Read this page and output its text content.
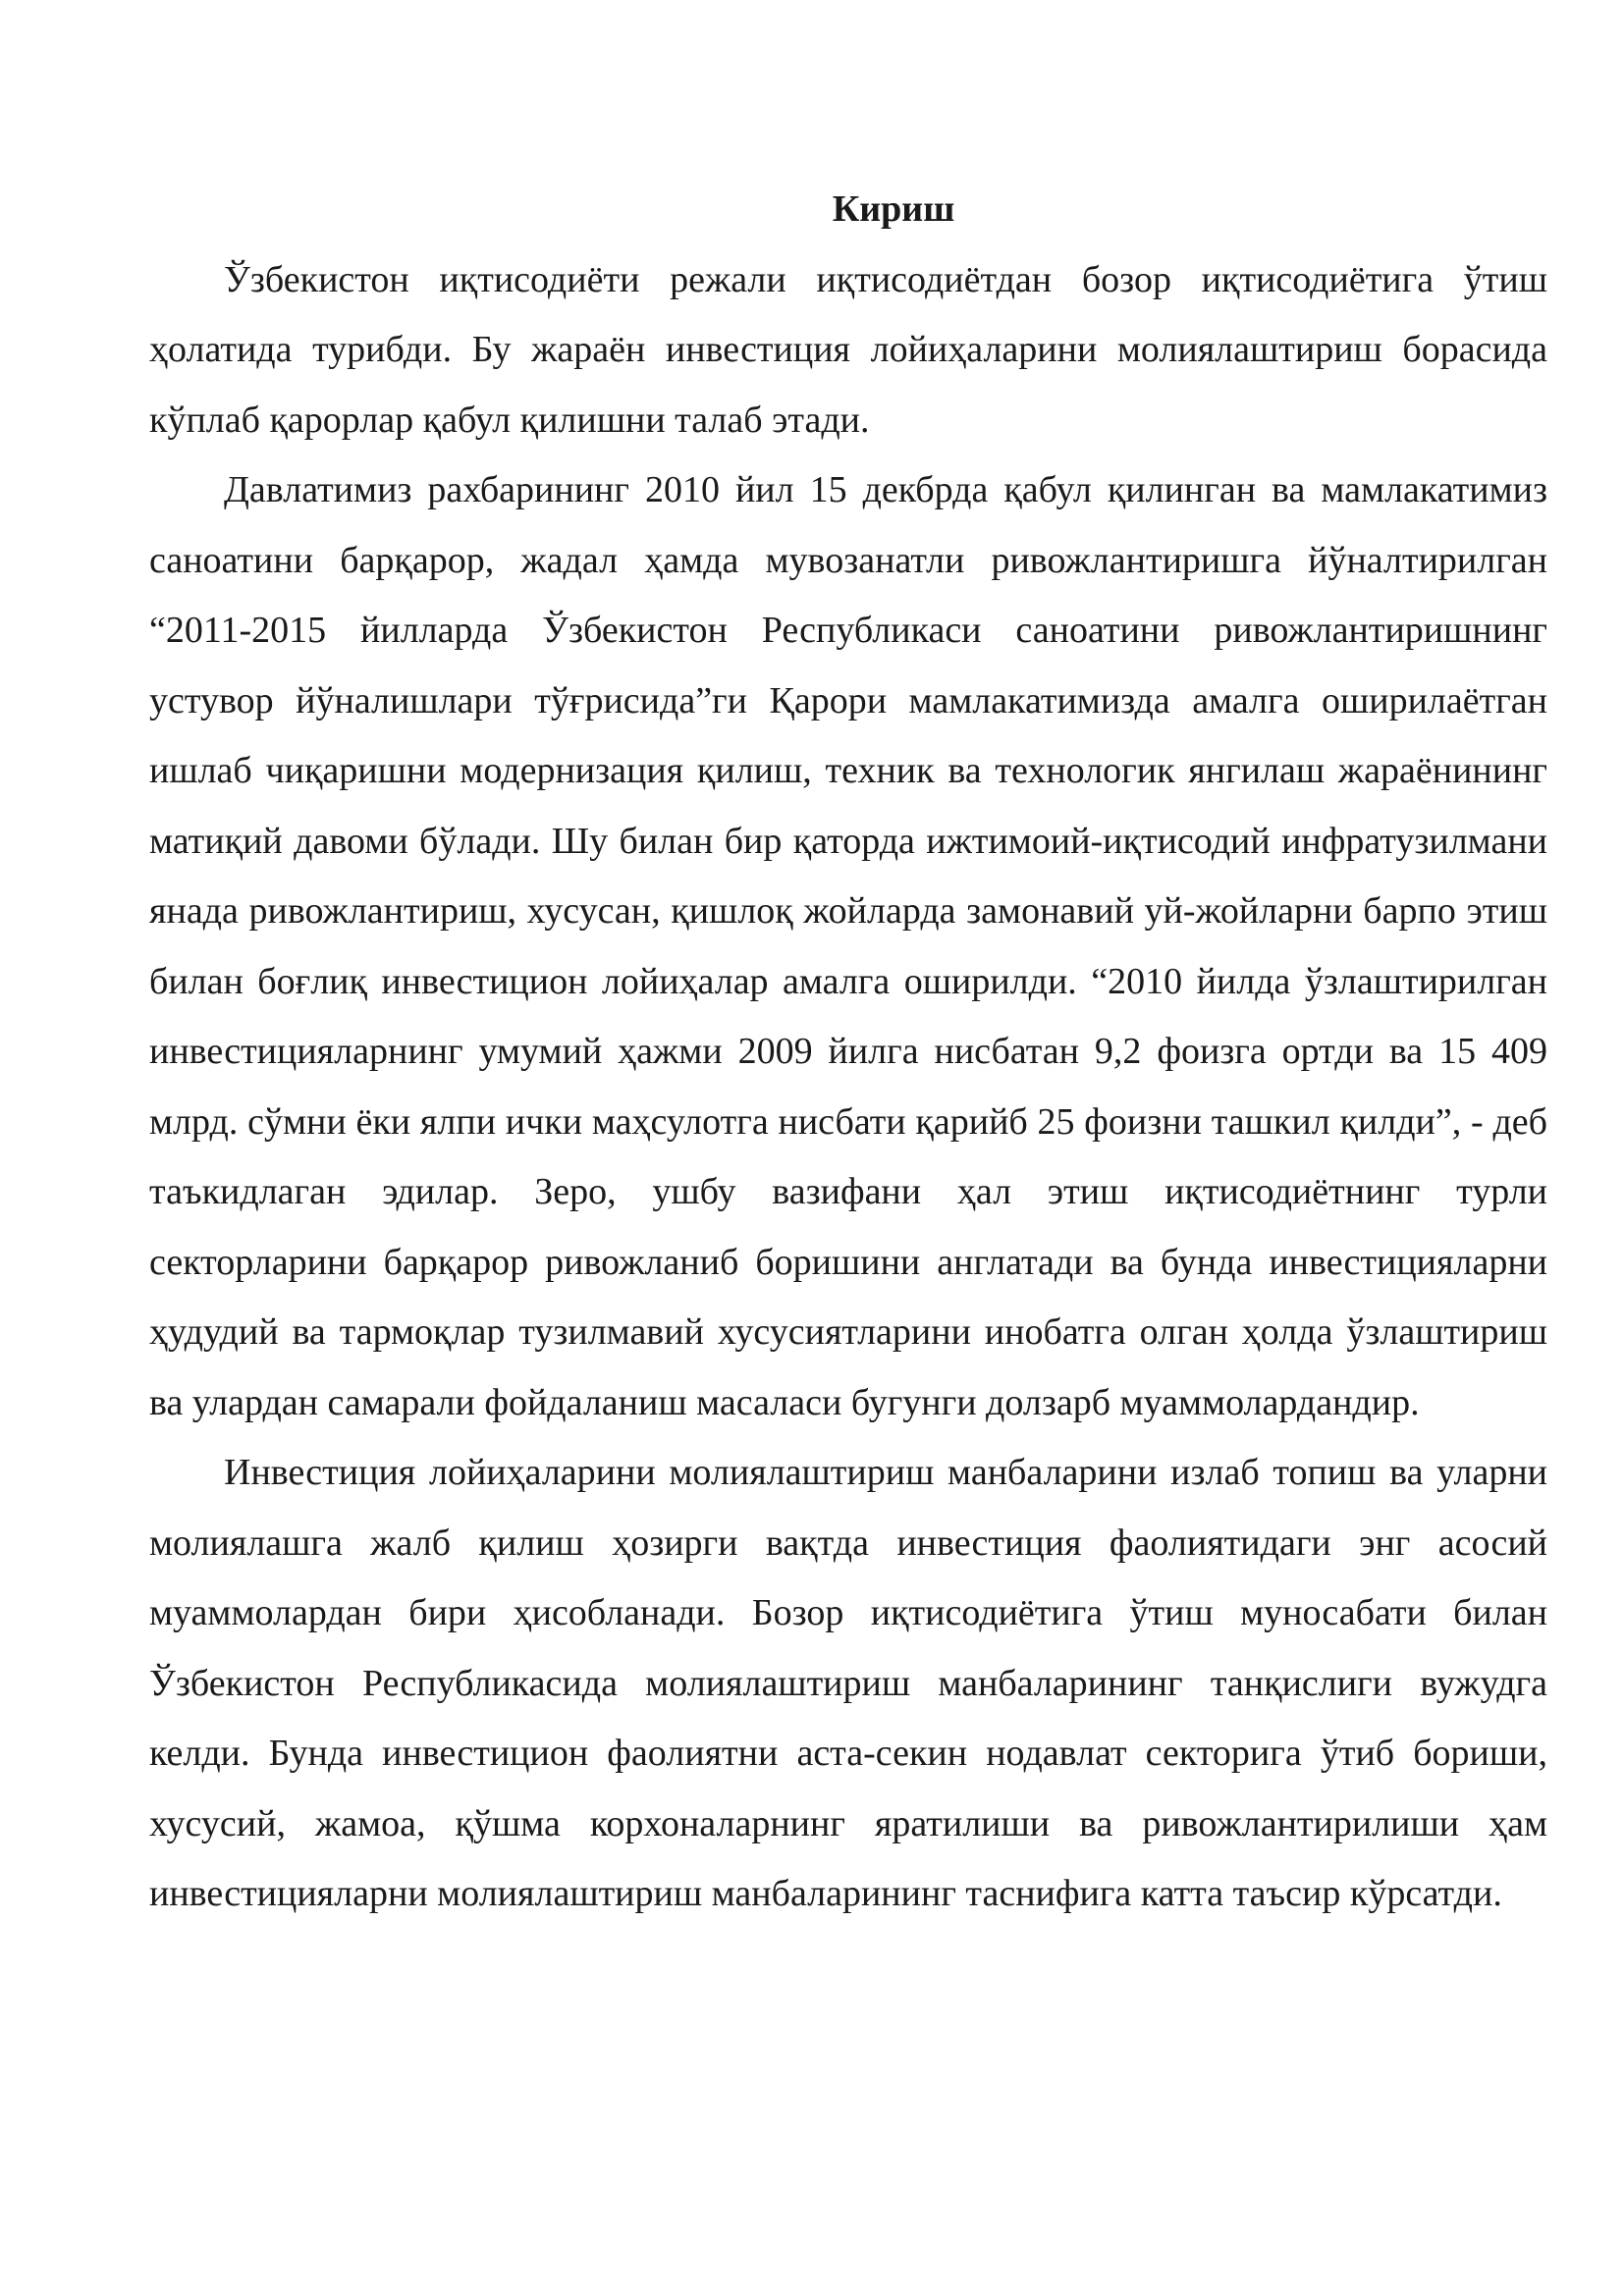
Кириш

Ўзбекистон иқтисодиёти режали иқтисодиётдан бозор иқтисодиётига ўтиш ҳолатида турибди. Бу жараён инвестиция лойиҳаларини молиялаштириш борасида кўплаб қарорлар қабул қилишни талаб этади.

Давлатимиз рахбарининг 2010 йил 15 декбрда қабул қилинган ва мамлакатимиз саноатини барқарор, жадал ҳамда мувозанатли ривожлантиришга йўналтирилган “2011-2015 йилларда Ўзбекистон Республикаси саноатини ривожлантиришнинг устувор йўналишлари тўғрисида”ги Қарори мамлакатимизда амалга оширилаётган ишлаб чиқаришни модернизация қилиш, техник ва технологик янгилаш жараёнининг матиқий давоми бўлади. Шу билан бир қаторда ижтимоий-иқтисодий инфратузилмани янада ривожлантириш, хусусан, қишлоқ жойларда замонавий уй-жойларни барпо этиш билан боғлиқ инвестицион лойиҳалар амалга оширилди. “2010 йилда ўзлаштирилган инвестицияларнинг умумий ҳажми 2009 йилга нисбатан 9,2 фоизга ортди ва 15 409 млрд. сўмни ёки ялпи ички маҳсулотга нисбати қарийб 25 фоизни ташкил қилди”, - деб таъкидлаган эдилар. Зеро, ушбу вазифани ҳал этиш иқтисодиётнинг турли секторларини барқарор ривожланиб боришини англатади ва бунда инвестицияларни ҳудудий ва тармоқлар тузилмавий хусусиятларини инобатга олган ҳолда ўзлаштириш ва улардан самарали фойдаланиш масаласи бугунги долзарб муаммолардандир.

Инвестиция лойиҳаларини молиялаштириш манбаларини излаб топиш ва уларни молиялашга жалб қилиш ҳозирги вақтда инвестиция фаолиятидаги энг асосий муаммолардан бири ҳисобланади. Бозор иқтисодиётига ўтиш муносабати билан Ўзбекистон Республикасида молиялаштириш манбаларининг танқислиги вужудга келди. Бунда инвестицион фаолиятни аста-секин нодавлат секторига ўтиб бориши, хусусий, жамоа, қўшма корхоналарнинг яратилиши ва ривожлантирилиши ҳам инвестицияларни молиялаштириш манбаларининг таснифига катта таъсир кўрсатди.
